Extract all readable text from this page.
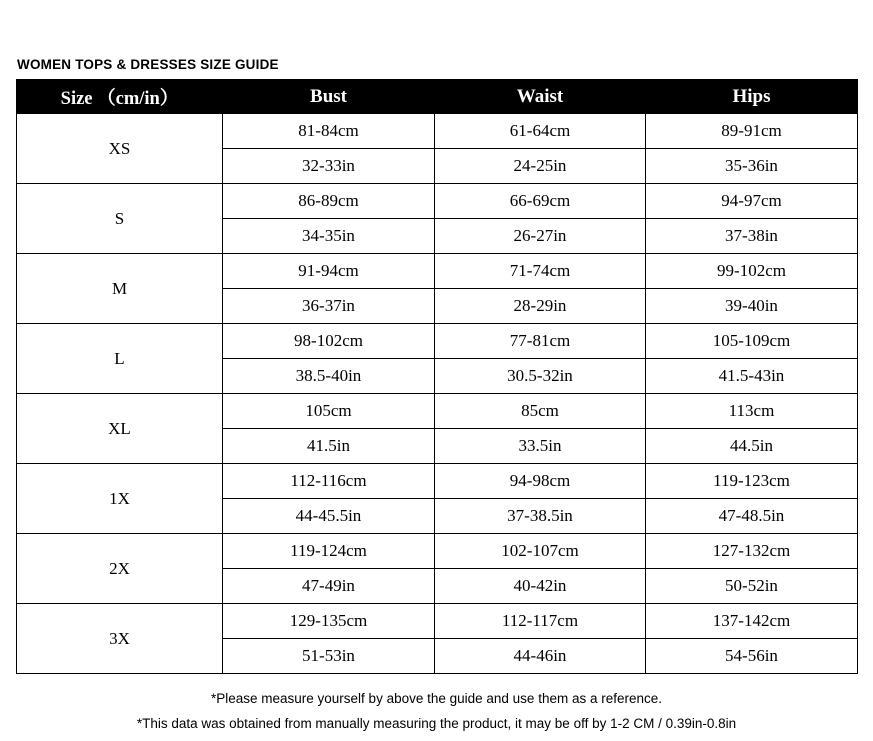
WOMEN TOPS & DRESSES SIZE GUIDE
Size （cm/in）	Bust	Waist	Hips
XS	81-84cm	61-64cm	89-91cm
	32-33in	24-25in	35-36in
S	86-89cm	66-69cm	94-97cm
	34-35in	26-27in	37-38in
M	91-94cm	71-74cm	99-102cm
	36-37in	28-29in	39-40in
L	98-102cm	77-81cm	105-109cm
	38.5-40in	30.5-32in	41.5-43in
XL	105cm	85cm	113cm
	41.5in	33.5in	44.5in
1X	112-116cm	94-98cm	119-123cm
	44-45.5in	37-38.5in	47-48.5in
2X	119-124cm	102-107cm	127-132cm
	47-49in	40-42in	50-52in
3X	129-135cm	112-117cm	137-142cm
	51-53in	44-46in	54-56in
*Please measure yourself by above the guide and use them as a reference.
*This data was obtained from manually measuring the product, it may be off by 1-2 CM / 0.39in-0.8in
